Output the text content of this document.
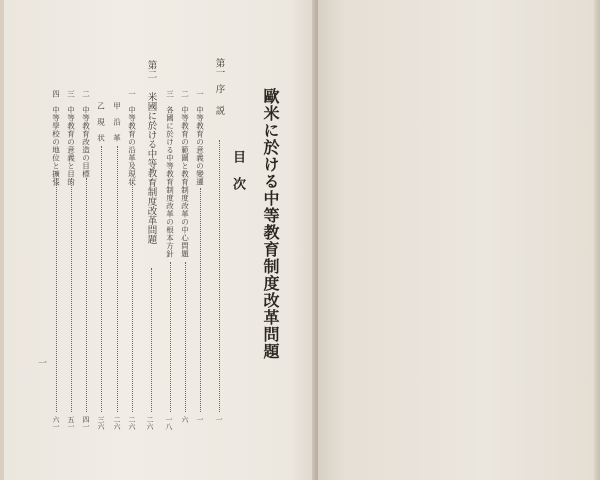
歐米に於ける中等教育制度改革問題
目次
第一
序説
一
一　中等教育の意義の變遷
一
二　中等教育の範圍と教育制度改革の中心問題
六
三　各國に於ける中等教育制度改革の根本方針
一八
第二
米國に於ける中等教育制度改革問題
二六
一　中等教育の沿革及現状
二六
甲　沿　革
二六
乙　現　状
三六
二　中等教育改造の目標
四一
三　中等教育の意義と目的
五一
四　中等學校の地位と擴張
六一
一
